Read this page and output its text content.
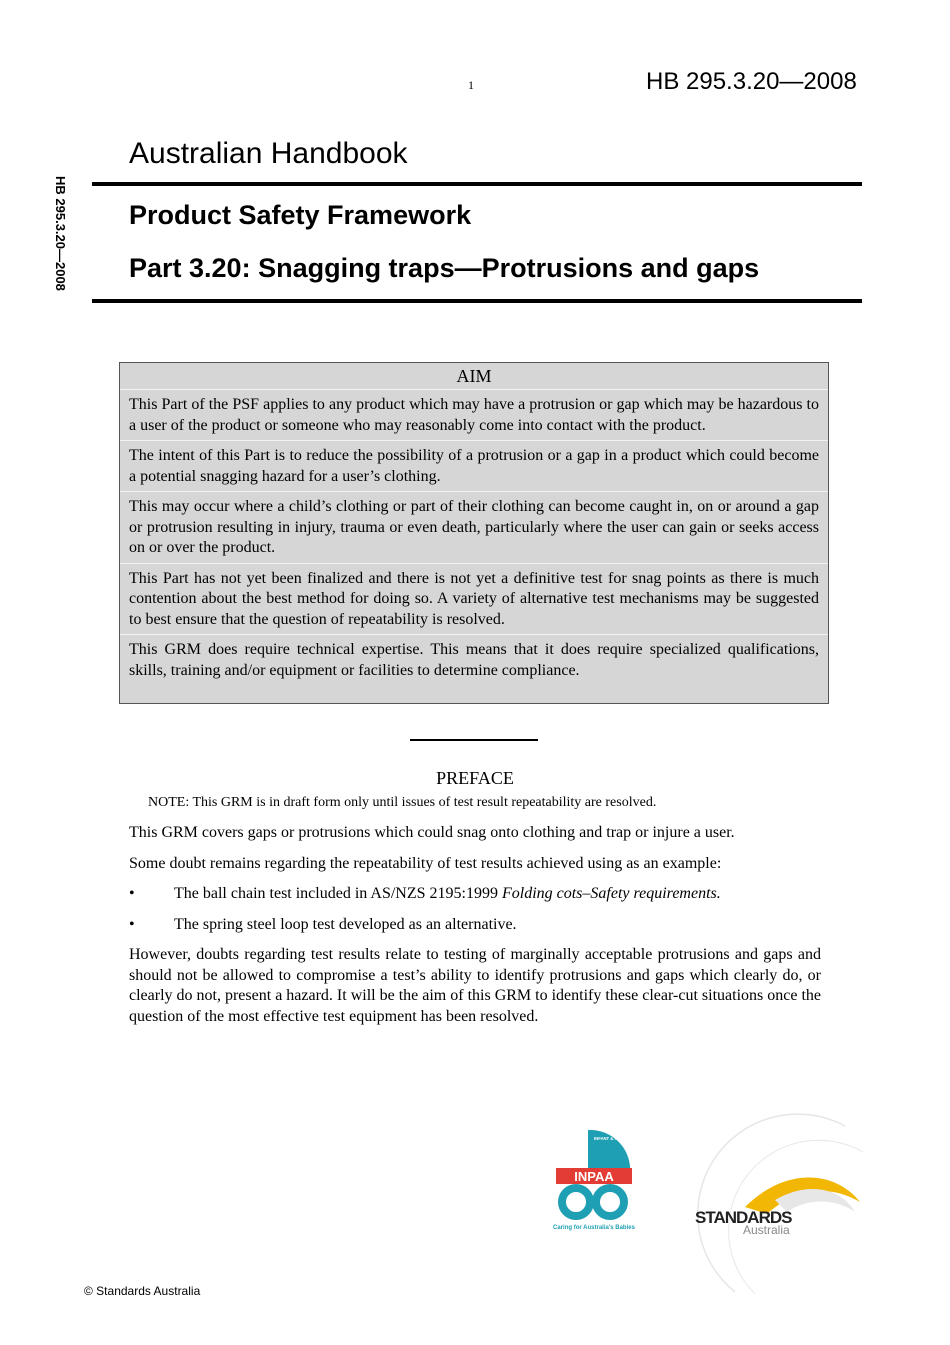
1	HB 295.3.20—2008
HB 295.3.20—2008
Australian Handbook
Product Safety Framework
Part 3.20: Snagging traps—Protrusions and gaps
AIM
This Part of the PSF applies to any product which may have a protrusion or gap which may be hazardous to a user of the product or someone who may reasonably come into contact with the product.
The intent of this Part is to reduce the possibility of a protrusion or a gap in a product which could become a potential snagging hazard for a user’s clothing.
This may occur where a child’s clothing or part of their clothing can become caught in, on or around a gap or protrusion resulting in injury, trauma or even death, particularly where the user can gain or seeks access on or over the product.
This Part has not yet been finalized and there is not yet a definitive test for snag points as there is much contention about the best method for doing so. A variety of alternative test mechanisms may be suggested to best ensure that the question of repeatability is resolved.
This GRM does require technical expertise. This means that it does require specialized qualifications, skills, training and/or equipment or facilities to determine compliance.
PREFACE
NOTE: This GRM is in draft form only until issues of test result repeatability are resolved.

This GRM covers gaps or protrusions which could snag onto clothing and trap or injure a user.

Some doubt remains regarding the repeatability of test results achieved using as an example:

• The ball chain test included in AS/NZS 2195:1999 Folding cots–Safety requirements.
• The spring steel loop test developed as an alternative.

However, doubts regarding test results relate to testing of marginally acceptable protrusions and gaps and should not be allowed to compromise a test’s ability to identify protrusions and gaps which clearly do, or clearly do not, present a hazard. It will be the aim of this GRM to identify these clear-cut situations once the question of the most effective test equipment has been resolved.

INFANT & NURSERY PRODUCTS ASSOCIATION OF AUSTRALIA
INPAA
Caring for Australia's Babies
STANDARDS
Australia
© Standards Australia
